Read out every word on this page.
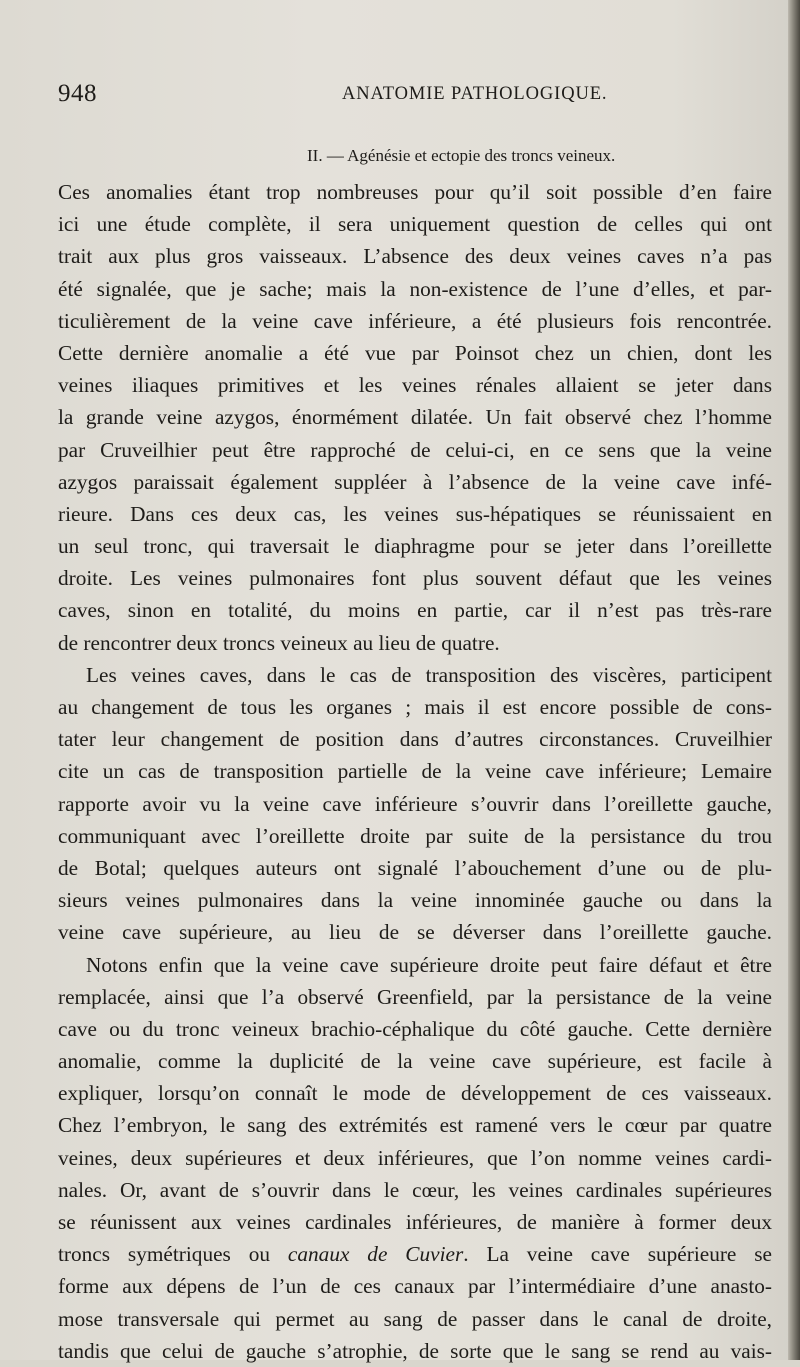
948	ANATOMIE PATHOLOGIQUE.
II. — Agénésie et ectopie des troncs veineux.
Ces anomalies étant trop nombreuses pour qu’il soit possible d’en faire
ici une étude complète, il sera uniquement question de celles qui ont
trait aux plus gros vaisseaux. L’absence des deux veines caves n’a pas
été signalée, que je sache; mais la non-existence de l’une d’elles, et par-
ticulièrement de la veine cave inférieure, a été plusieurs fois rencontrée.
Cette dernière anomalie a été vue par Poinsot chez un chien, dont les
veines iliaques primitives et les veines rénales allaient se jeter dans
la grande veine azygos, énormément dilatée. Un fait observé chez l’homme
par Cruveilhier peut être rapproché de celui-ci, en ce sens que la veine
azygos paraissait également suppléer à l’absence de la veine cave infé-
rieure. Dans ces deux cas, les veines sus-hépatiques se réunissaient en
un seul tronc, qui traversait le diaphragme pour se jeter dans l’oreillette
droite. Les veines pulmonaires font plus souvent défaut que les veines
caves, sinon en totalité, du moins en partie, car il n’est pas très-rare
de rencontrer deux troncs veineux au lieu de quatre.
Les veines caves, dans le cas de transposition des viscères, participent
au changement de tous les organes ; mais il est encore possible de cons-
tater leur changement de position dans d’autres circonstances. Cruveilhier
cite un cas de transposition partielle de la veine cave inférieure; Lemaire
rapporte avoir vu la veine cave inférieure s’ouvrir dans l’oreillette gauche,
communiquant avec l’oreillette droite par suite de la persistance du trou
de Botal; quelques auteurs ont signalé l’abouchement d’une ou de plu-
sieurs veines pulmonaires dans la veine innominée gauche ou dans la
veine cave supérieure, au lieu de se déverser dans l’oreillette gauche.
Notons enfin que la veine cave supérieure droite peut faire défaut et être
remplacée, ainsi que l’a observé Greenfield, par la persistance de la veine
cave ou du tronc veineux brachio-céphalique du côté gauche. Cette dernière
anomalie, comme la duplicité de la veine cave supérieure, est facile à
expliquer, lorsqu’on connaît le mode de développement de ces vaisseaux.
Chez l’embryon, le sang des extrémités est ramené vers le cœur par quatre
veines, deux supérieures et deux inférieures, que l’on nomme veines cardi-
nales. Or, avant de s’ouvrir dans le cœur, les veines cardinales supérieures
se réunissent aux veines cardinales inférieures, de manière à former deux
troncs symétriques ou canaux de Cuvier. La veine cave supérieure se
forme aux dépens de l’un de ces canaux par l’intermédiaire d’une anasto-
mose transversale qui permet au sang de passer dans le canal de droite,
tandis que celui de gauche s’atrophie, de sorte que le sang se rend au vais-
